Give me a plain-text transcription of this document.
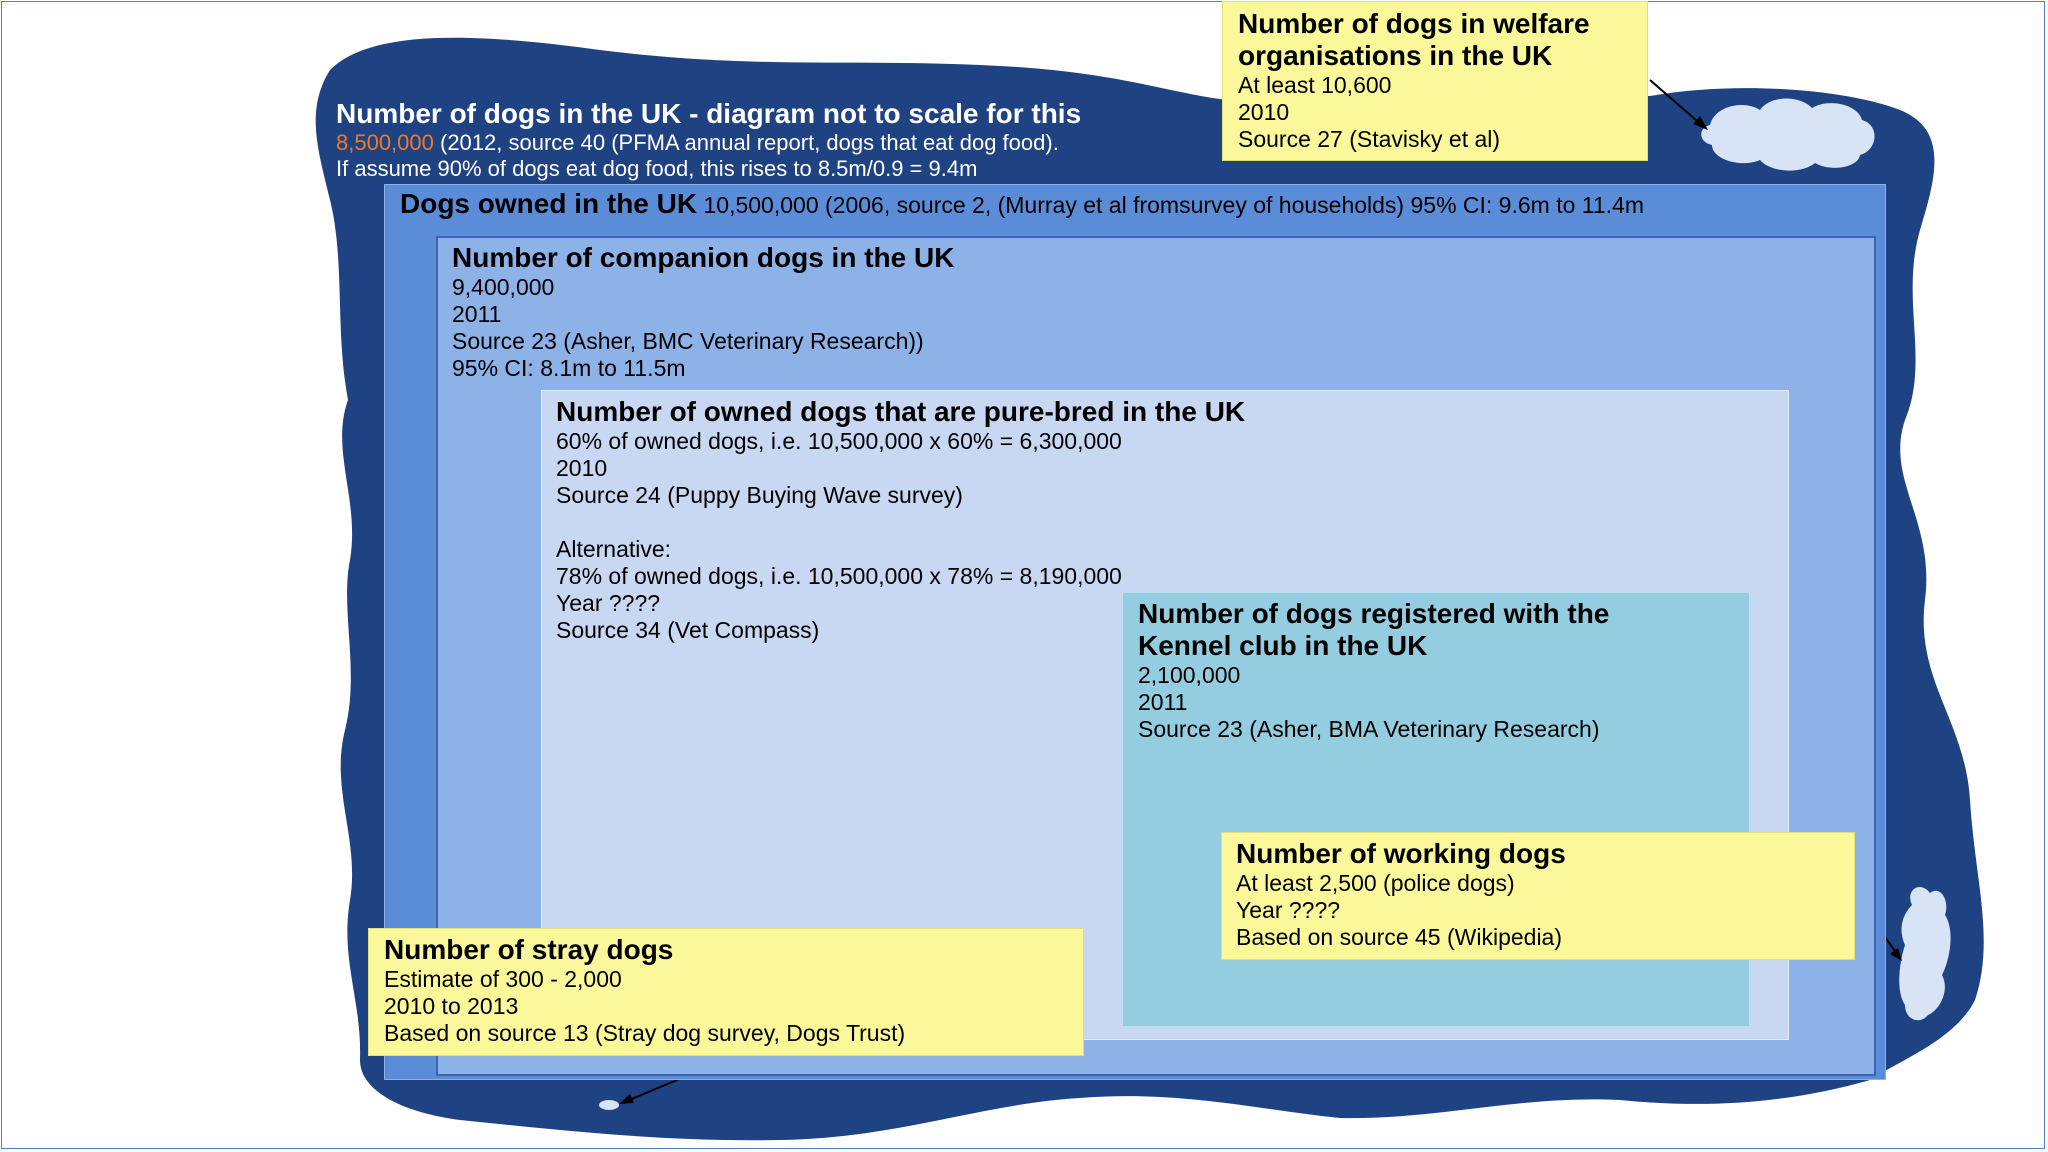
Number of dogs in the UK - diagram not to scale for this
8,500,000 (2012, source 40 (PFMA annual report, dogs that eat dog food).
If assume 90% of dogs eat dog food, this rises to 8.5m/0.9 = 9.4m
Dogs owned in the UK 10,500,000 (2006, source 2, (Murray et al fromsurvey of households) 95% CI: 9.6m to 11.4m
Number of companion dogs in the UK
9,400,000
2011
Source 23 (Asher, BMC Veterinary Research))
95% CI: 8.1m to 11.5m
Number of owned dogs that are pure-bred in the UK
60% of owned dogs, i.e. 10,500,000 x 60% = 6,300,000
2010
Source 24 (Puppy Buying Wave survey)
Alternative:
78% of owned dogs, i.e. 10,500,000 x 78% = 8,190,000
Year ????
Source 34 (Vet Compass)
Number of dogs registered with the
Kennel club in the UK
2,100,000
2011
Source 23 (Asher, BMA Veterinary Research)
Number of dogs in welfare
organisations in the UK
At least 10,600
2010
Source 27 (Stavisky et al)
Number of working dogs
At least 2,500 (police dogs)
Year ????
Based on source 45 (Wikipedia)
Number of stray dogs
Estimate of 300 - 2,000
2010 to 2013
Based on source 13 (Stray dog survey, Dogs Trust)
